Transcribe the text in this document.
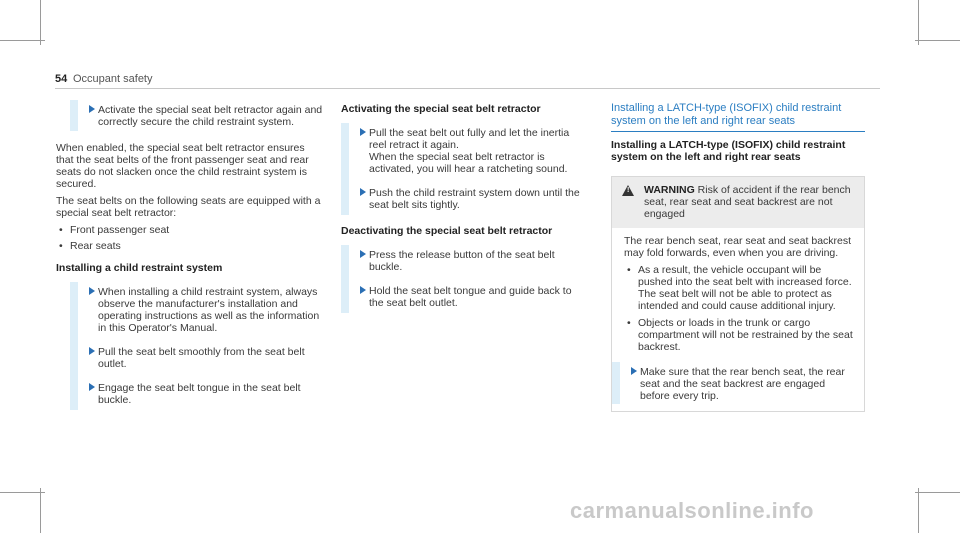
54 Occupant safety

Activate the special seat belt retractor again and correctly secure the child restraint system.

When enabled, the special seat belt retractor ensures that the seat belts of the front passenger seat and rear seats do not slacken once the child restraint system is secured.

The seat belts on the following seats are equipped with a special seat belt retractor:

• Front passenger seat
• Rear seats

Installing a child restraint system

When installing a child restraint system, always observe the manufacturer's installation and operating instructions as well as the information in this Operator's Manual.

Pull the seat belt smoothly from the seat belt outlet.

Engage the seat belt tongue in the seat belt buckle.

Activating the special seat belt retractor

Pull the seat belt out fully and let the inertia reel retract it again.
When the special seat belt retractor is activated, you will hear a ratcheting sound.

Push the child restraint system down until the seat belt sits tightly.

Deactivating the special seat belt retractor

Press the release button of the seat belt buckle.

Hold the seat belt tongue and guide back to the seat belt outlet.

Installing a LATCH-type (ISOFIX) child restraint system on the left and right rear seats

Installing a LATCH-type (ISOFIX) child restraint system on the left and right rear seats

! WARNING Risk of accident if the rear bench seat, rear seat and seat backrest are not engaged

The rear bench seat, rear seat and seat backrest may fold forwards, even when you are driving.

• As a result, the vehicle occupant will be pushed into the seat belt with increased force. The seat belt will not be able to protect as intended and could cause additional injury.
• Objects or loads in the trunk or cargo compartment will not be restrained by the seat backrest.

Make sure that the rear bench seat, the rear seat and the seat backrest are engaged before every trip.

carmanualsonline.info
